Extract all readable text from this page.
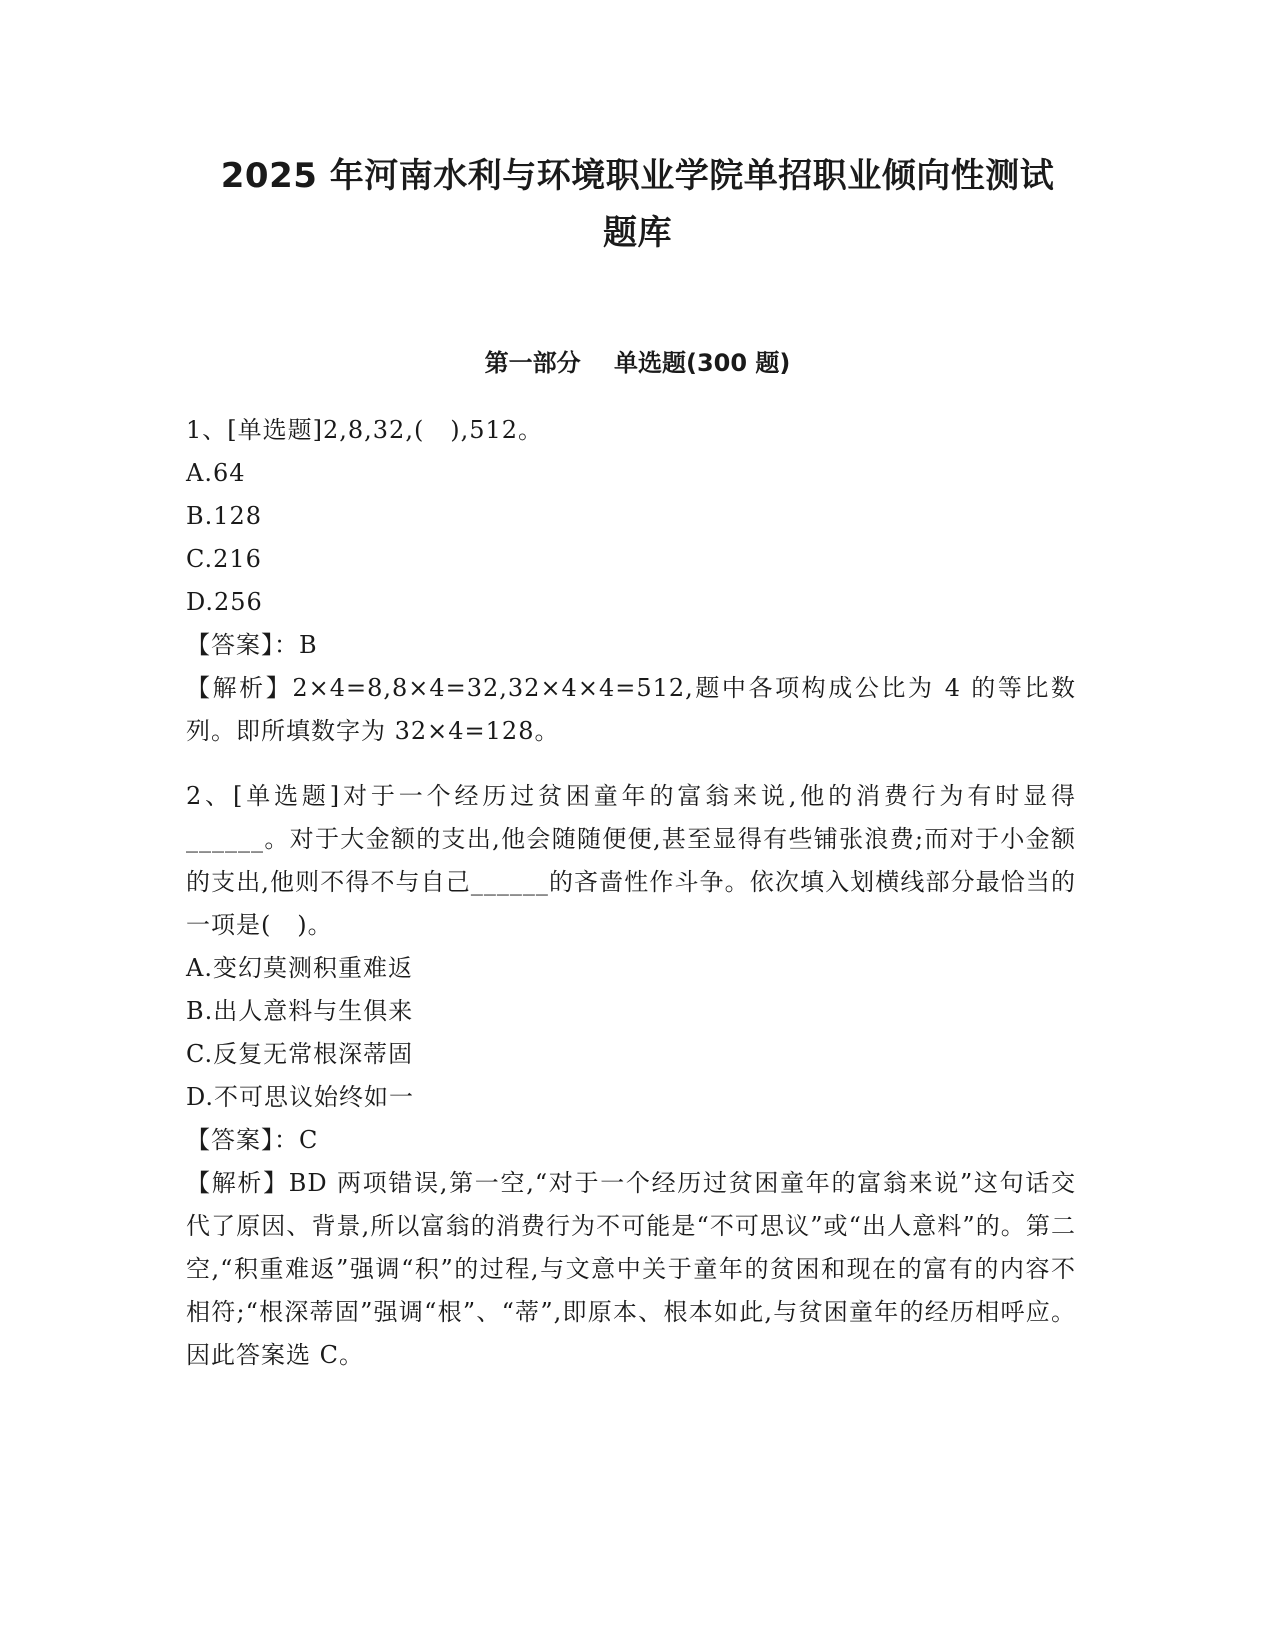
2025 年河南水利与环境职业学院单招职业倾向性测试
题库
第一部分    单选题(300 题)

1、[单选题]2,8,32,(   ),512。

A.64

B.128

C.216

D.256

【答案】：B

【解析】2×4=8,8×4=32,32×4×4=512,题中各项构成公比为 4 的等比数列。即所填数字为 32×4=128。

2、[单选题]对于一个经历过贫困童年的富翁来说,他的消费行为有时显得______。对于大金额的支出,他会随随便便,甚至显得有些铺张浪费;而对于小金额的支出,他则不得不与自己______的吝啬性作斗争。依次填入划横线部分最恰当的一项是(   )。

A.变幻莫测积重难返

B.出人意料与生俱来

C.反复无常根深蒂固

D.不可思议始终如一

【答案】：C

【解析】BD 两项错误,第一空,“对于一个经历过贫困童年的富翁来说”这句话交代了原因、背景,所以富翁的消费行为不可能是“不可思议”或“出人意料”的。第二空,“积重难返”强调“积”的过程,与文意中关于童年的贫困和现在的富有的内容不相符;“根深蒂固”强调“根”、“蒂”,即原本、根本如此,与贫困童年的经历相呼应。因此答案选 C。
